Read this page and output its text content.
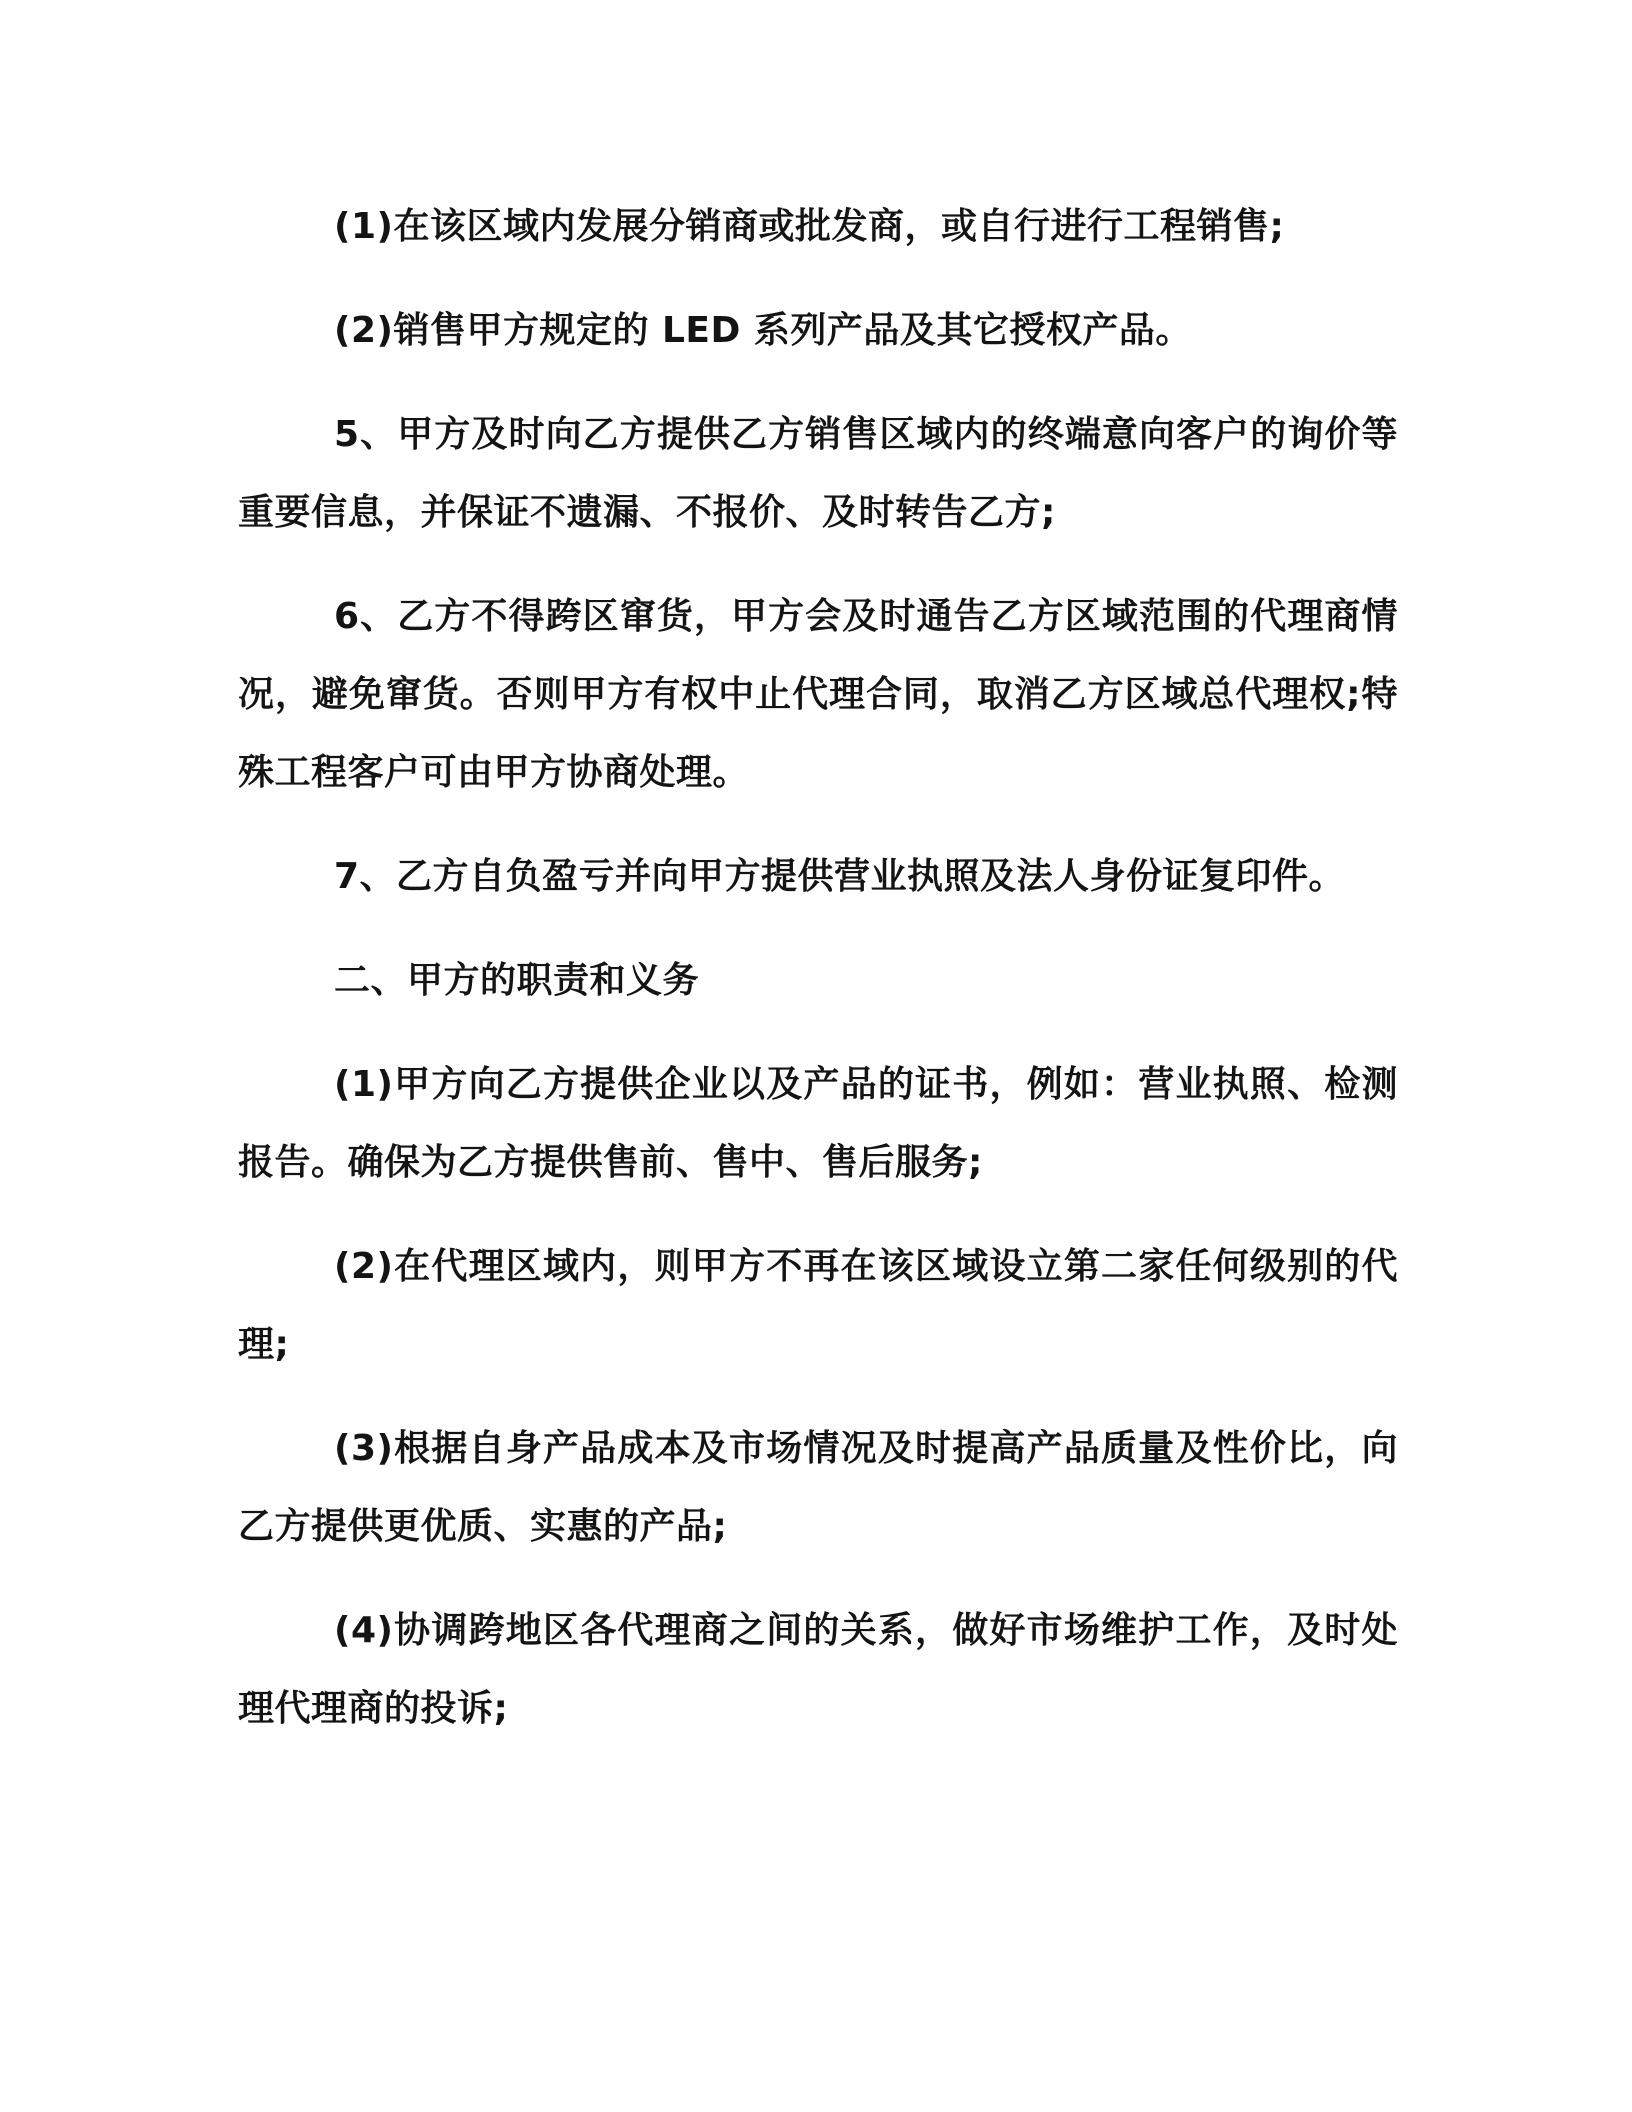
(1)在该区域内发展分销商或批发商，或自行进行工程销售;

(2)销售甲方规定的 LED 系列产品及其它授权产品。

5、甲方及时向乙方提供乙方销售区域内的终端意向客户的询价等重要信息，并保证不遗漏、不报价、及时转告乙方;

6、乙方不得跨区窜货，甲方会及时通告乙方区域范围的代理商情况，避免窜货。否则甲方有权中止代理合同，取消乙方区域总代理权;特殊工程客户可由甲方协商处理。

7、乙方自负盈亏并向甲方提供营业执照及法人身份证复印件。

二、甲方的职责和义务

(1)甲方向乙方提供企业以及产品的证书，例如：营业执照、检测报告。确保为乙方提供售前、售中、售后服务;

(2)在代理区域内，则甲方不再在该区域设立第二家任何级别的代理;

(3)根据自身产品成本及市场情况及时提高产品质量及性价比，向乙方提供更优质、实惠的产品;

(4)协调跨地区各代理商之间的关系，做好市场维护工作，及时处理代理商的投诉;
